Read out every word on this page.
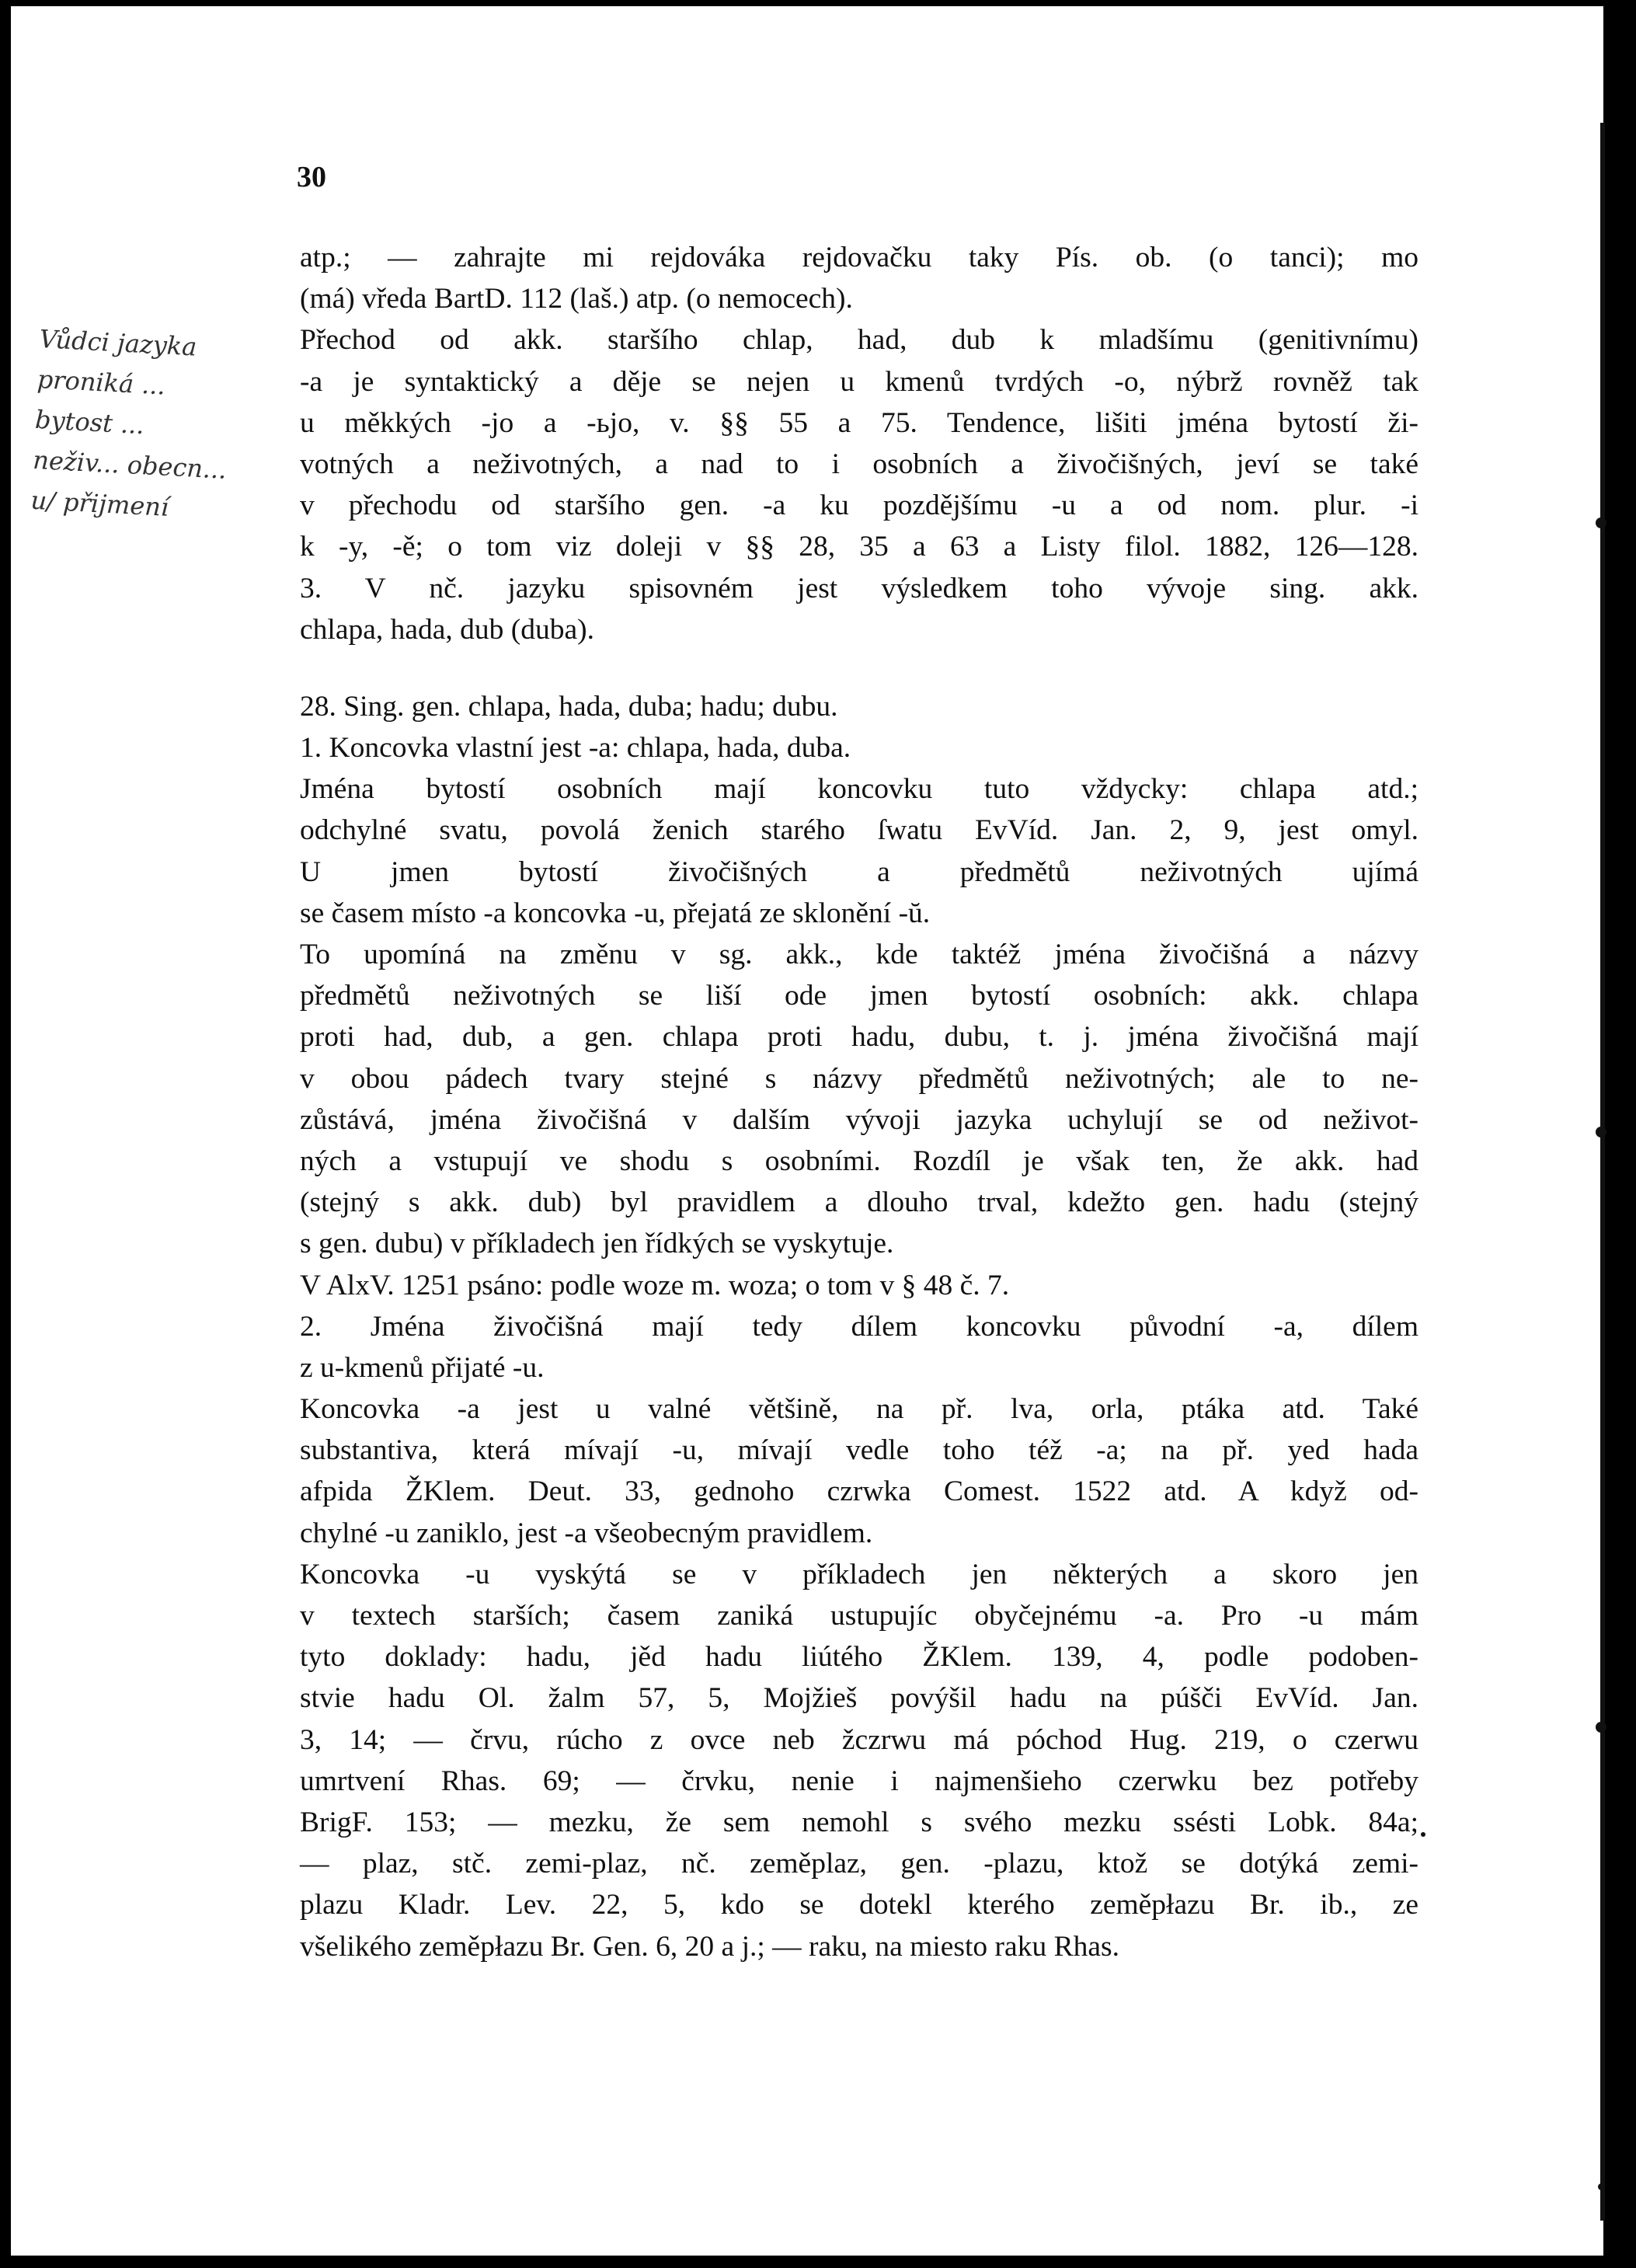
30
Vůdci jazyka
proniká ...
bytost ...
neživ... obecn...
u/ přijmení
atp.; — zahrajte mi rejdováka rejdovačku taky Pís. ob. (o tanci); mo
(má) vředa BartD. 112 (laš.) atp. (o nemocech).
Přechod od akk. staršího chlap, had, dub k mladšímu (genitivnímu)
-a je syntaktický a děje se nejen u kmenů tvrdých -o, nýbrž rovněž tak
u měkkých -jo a -ьjo, v. §§ 55 a 75. Tendence, lišiti jména bytostí ži-
votných a neživotných, a nad to i osobních a živočišných, jeví se také
v přechodu od staršího gen. -a ku pozdějšímu -u a od nom. plur. -i
k -y, -ě; o tom viz doleji v §§ 28, 35 a 63 a Listy filol. 1882, 126—128.
3. V nč. jazyku spisovném jest výsledkem toho vývoje sing. akk.
chlapa, hada, dub (duba).
28. Sing. gen. chlapa, hada, duba; hadu; dubu.
1. Koncovka vlastní jest -a: chlapa, hada, duba.
Jména bytostí osobních mají koncovku tuto vždycky: chlapa atd.;
odchylné svatu, povolá ženich starého ſwatu EvVíd. Jan. 2, 9, jest omyl.
U jmen bytostí živočišných a předmětů neživotných ujímá
se časem místo -a koncovka -u, přejatá ze sklonění -ŭ.
To upomíná na změnu v sg. akk., kde taktéž jména živočišná a názvy
předmětů neživotných se liší ode jmen bytostí osobních: akk. chlapa
proti had, dub, a gen. chlapa proti hadu, dubu, t. j. jména živočišná mají
v obou pádech tvary stejné s názvy předmětů neživotných; ale to ne-
zůstává, jména živočišná v dalším vývoji jazyka uchylují se od neživot-
ných a vstupují ve shodu s osobními. Rozdíl je však ten, že akk. had
(stejný s akk. dub) byl pravidlem a dlouho trval, kdežto gen. hadu (stejný
s gen. dubu) v příkladech jen řídkých se vyskytuje.
V AlxV. 1251 psáno: podle woze m. woza; o tom v § 48 č. 7.
2. Jména živočišná mají tedy dílem koncovku původní -a, dílem
z u-kmenů přijaté -u.
Koncovka -a jest u valné většině, na př. lva, orla, ptáka atd. Také
substantiva, která mívají -u, mívají vedle toho též -a; na př. yed hada
afpida ŽKlem. Deut. 33, gednoho czrwka Comest. 1522 atd. A když od-
chylné -u zaniklo, jest -a všeobecným pravidlem.
Koncovka -u vyskýtá se v příkladech jen některých a skoro jen
v textech starších; časem zaniká ustupujíc obyčejnému -a. Pro -u mám
tyto doklady: hadu, jěd hadu liútého ŽKlem. 139, 4, podle podoben-
stvie hadu Ol. žalm 57, 5, Mojžieš povýšil hadu na púšči EvVíd. Jan.
3, 14; — črvu, rúcho z ovce neb žczrwu má póchod Hug. 219, o czerwu
umrtvení Rhas. 69; — črvku, nenie i najmenšieho czerwku bez potřeby
BrigF. 153; — mezku, že sem nemohl s svého mezku ssésti Lobk. 84a;
— plaz, stč. zemi-plaz, nč. zeměplaz, gen. -plazu, ktož se dotýká zemi-
plazu Kladr. Lev. 22, 5, kdo se dotekl kterého zeměpłazu Br. ib., ze
všelikého zeměpłazu Br. Gen. 6, 20 a j.; — raku, na miesto raku Rhas.
